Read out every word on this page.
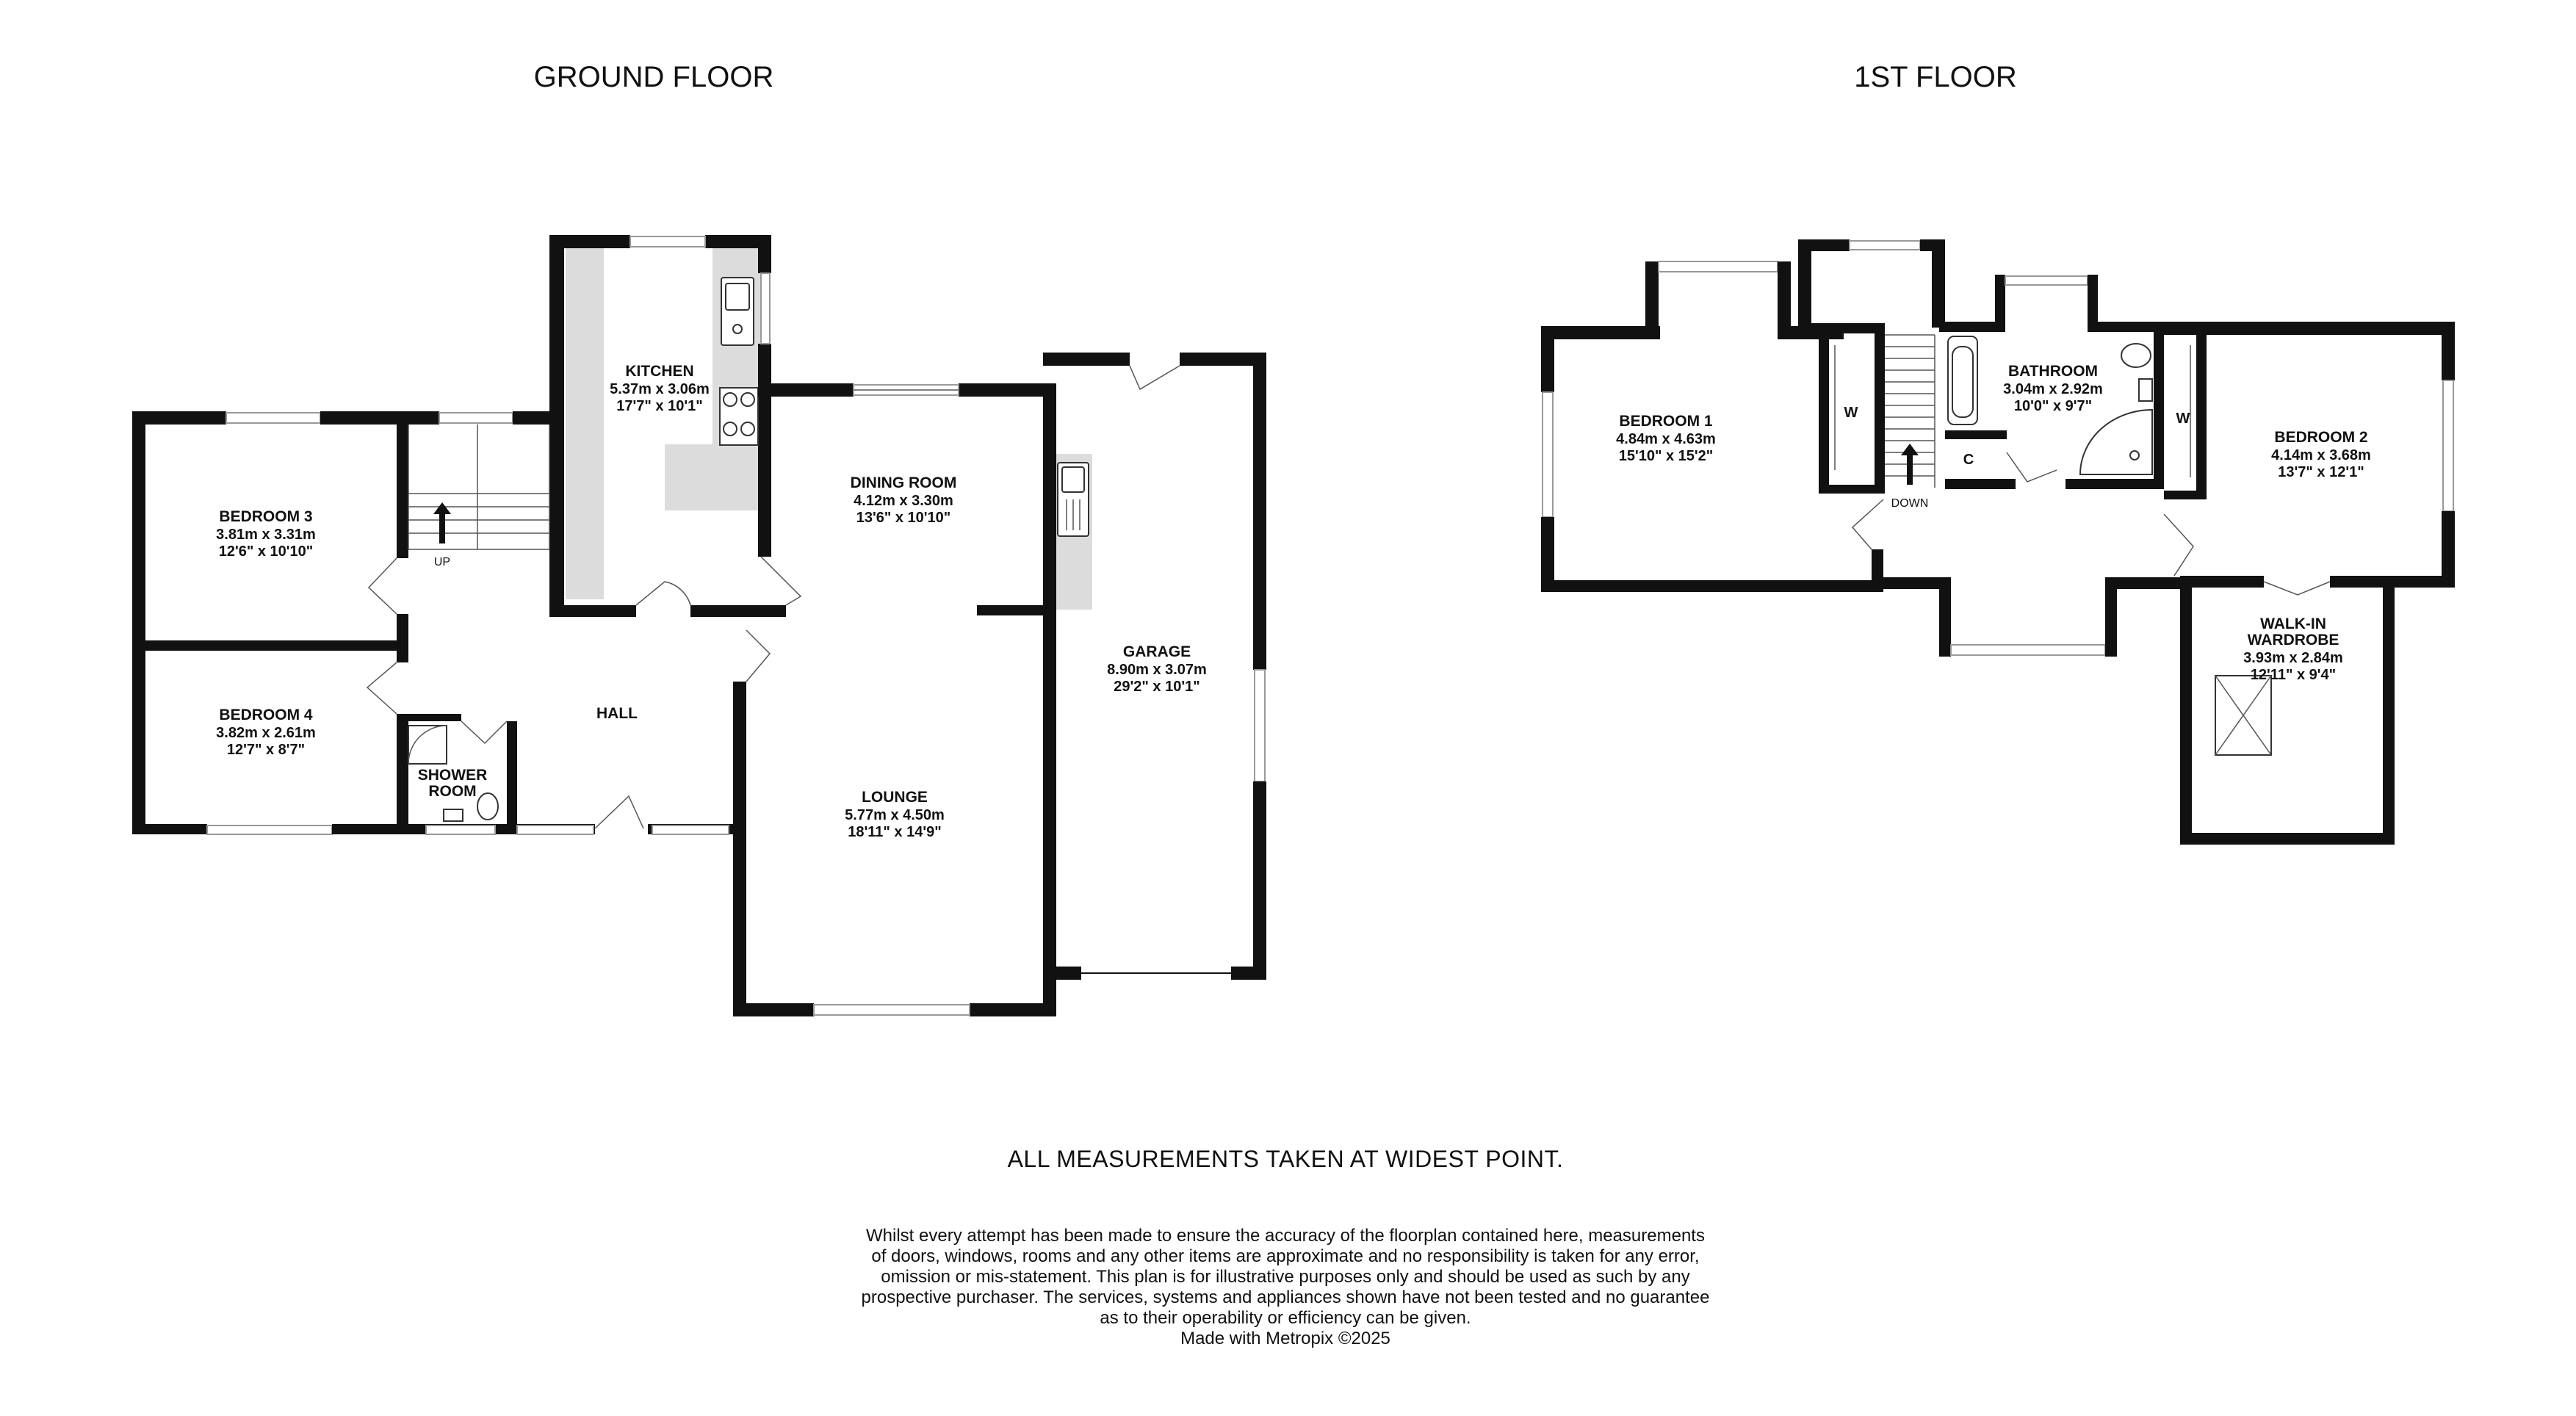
GROUND FLOOR	1ST FLOOR
KITCHEN
5.37m x 3.06m
17'7" x 10'1"
DINING ROOM
4.12m x 3.30m
13'6" x 10'10"
BEDROOM 3
3.81m x 3.31m
12'6" x 10'10"
UP
BEDROOM 4
3.82m x 2.61m
12'7" x 8'7"
HALL
SHOWER
ROOM
GARAGE
8.90m x 3.07m
29'2" x 10'1"
LOUNGE
5.77m x 4.50m
18'11" x 14'9"
BEDROOM 1
4.84m x 4.63m
15'10" x 15'2"
W
DOWN
BATHROOM
3.04m x 2.92m
10'0" x 9'7"
C
W
BEDROOM 2
4.14m x 3.68m
13'7" x 12'1"
WALK-IN
WARDROBE
3.93m x 2.84m
12'11" x 9'4"

ALL MEASUREMENTS TAKEN AT WIDEST POINT.

Whilst every attempt has been made to ensure the accuracy of the floorplan contained here, measurements

of doors, windows, rooms and any other items are approximate and no responsibility is taken for any error,

omission or mis-statement. This plan is for illustrative purposes only and should be used as such by any

prospective purchaser. The services, systems and appliances shown have not been tested and no guarantee

as to their operability or efficiency can be given.

Made with Metropix ©2025
